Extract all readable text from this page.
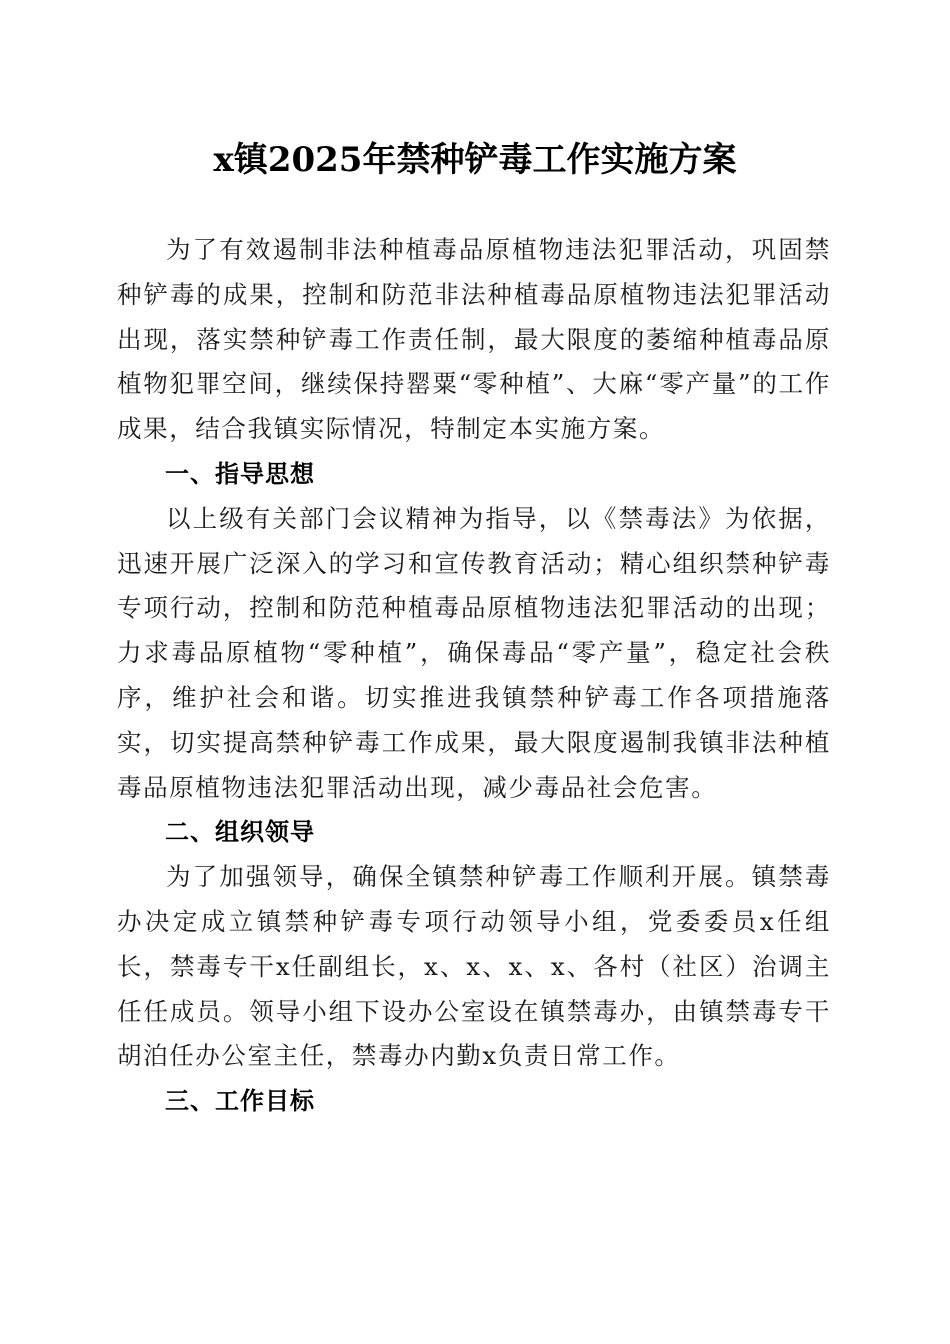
x镇2025年禁种铲毒工作实施方案

为了有效遏制非法种植毒品原植物违法犯罪活动，巩固禁种铲毒的成果，控制和防范非法种植毒品原植物违法犯罪活动出现，落实禁种铲毒工作责任制，最大限度的萎缩种植毒品原植物犯罪空间，继续保持罂粟“零种植”、大麻“零产量”的工作成果，结合我镇实际情况，特制定本实施方案。

一、指导思想

以上级有关部门会议精神为指导，以《禁毒法》为依据，迅速开展广泛深入的学习和宣传教育活动；精心组织禁种铲毒专项行动，控制和防范种植毒品原植物违法犯罪活动的出现；力求毒品原植物“零种植”，确保毒品“零产量”，稳定社会秩序，维护社会和谐。切实推进我镇禁种铲毒工作各项措施落实，切实提高禁种铲毒工作成果，最大限度遏制我镇非法种植毒品原植物违法犯罪活动出现，减少毒品社会危害。

二、组织领导

为了加强领导，确保全镇禁种铲毒工作顺利开展。镇禁毒办决定成立镇禁种铲毒专项行动领导小组，党委委员x任组长，禁毒专干x任副组长，x、x、x、x、各村（社区）治调主任任成员。领导小组下设办公室设在镇禁毒办，由镇禁毒专干胡泊任办公室主任，禁毒办内勤x负责日常工作。

三、工作目标
